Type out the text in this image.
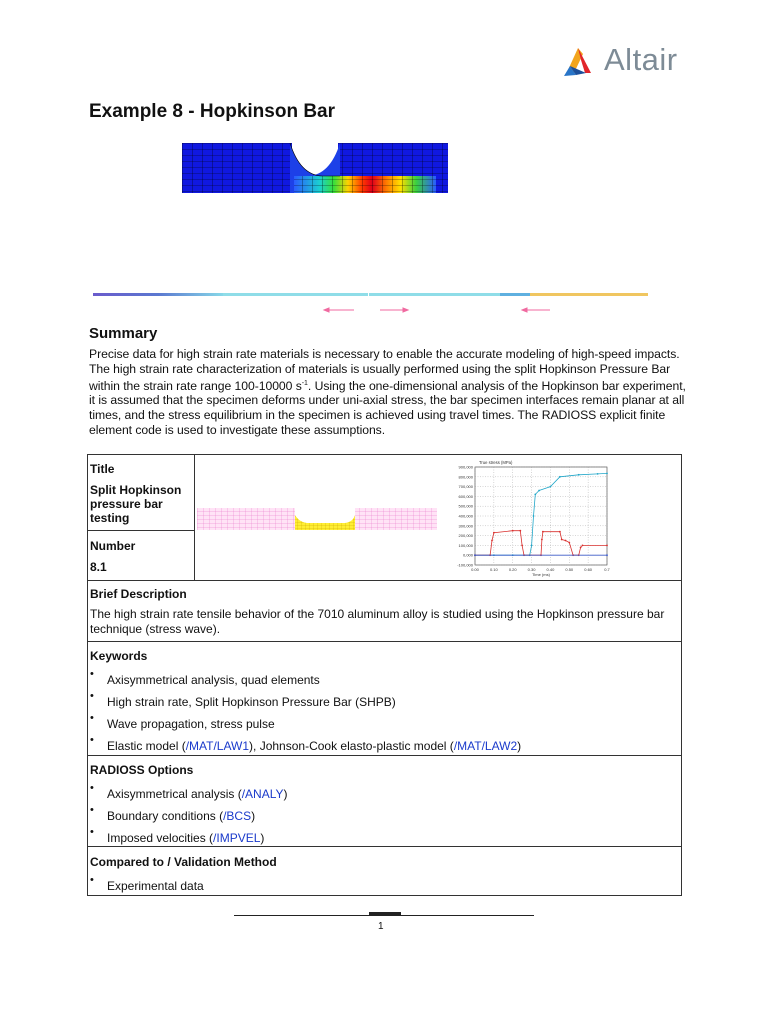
Altair
Example 8 - Hopkinson Bar
Summary

Precise data for high strain rate materials is necessary to enable the accurate modeling of high-speed impacts. The high strain rate characterization of materials is usually performed using the split Hopkinson Pressure Bar within the strain rate range 100-10000 $s^{-1}$. Using the one-dimensional analysis of the Hopkinson bar experiment, it is assumed that the specimen deforms under uni-axial stress, the bar specimen interfaces remain planar at all times, and the stress equilibrium in the specimen is achieved using travel times. The RADIOSS explicit finite element code is used to investigate these assumptions.

Title
Split Hopkinson pressure bar testing
Number
8.1
900,000
800,000
700,000
600,000
500,000
400,000
300,000
200,000
100,000
0,000
-100,000
0.00	0.10	0.20	0.30	0.40	0.50	0.60	0.7
True stress (MPa)
Time (ms)
Brief Description
The high strain rate tensile behavior of the 7010 aluminum alloy is studied using the Hopkinson pressure bar technique (stress wave).
Keywords
• Axisymmetrical analysis, quad elements
• High strain rate, Split Hopkinson Pressure Bar (SHPB)
• Wave propagation, stress pulse
• Elastic model (/MAT/LAW1), Johnson-Cook elasto-plastic model (/MAT/LAW2)
RADIOSS Options
• Axisymmetrical analysis (/ANALY)
• Boundary conditions (/BCS)
• Imposed velocities (/IMPVEL)
Compared to / Validation Method
• Experimental data
1
